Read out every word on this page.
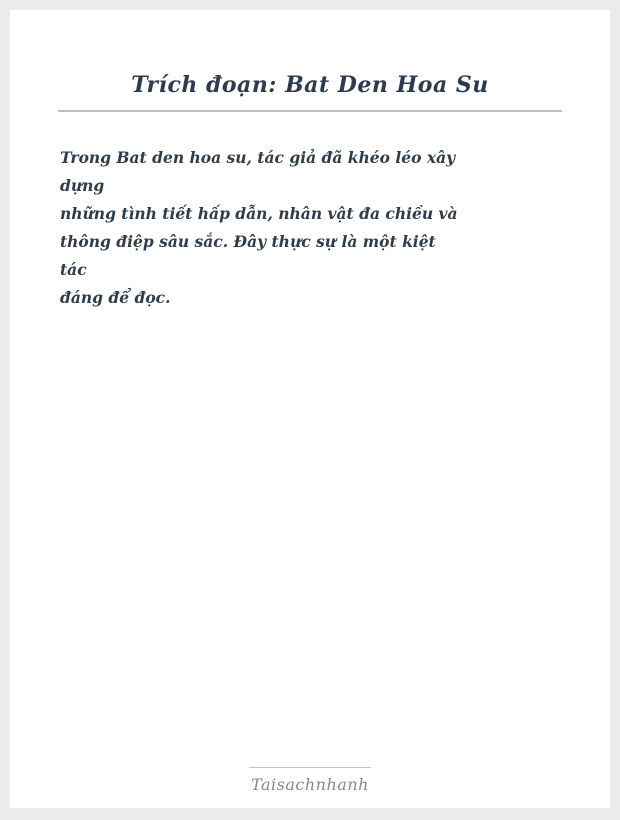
Trích đoạn: Bat Den Hoa Su
Trong Bat den hoa su, tác giả đã khéo léo xây
dựng
những tình tiết hấp dẫn, nhân vật đa chiều và
thông điệp sâu sắc. Đây thực sự là một kiệt
tác
đáng để đọc.
Taisachnhanh
